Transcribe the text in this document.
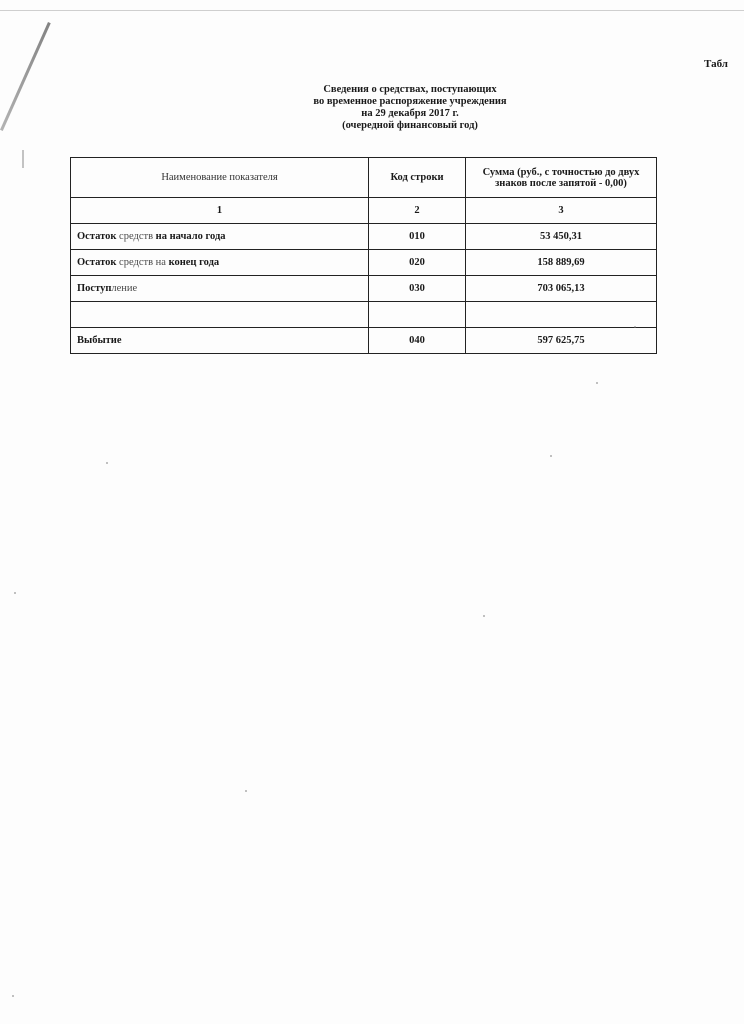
Табл
Сведения о средствах, поступающих
во временное распоряжение учреждения
на 29 декабря 2017 г.
(очередной финансовый год)
Наименование показателя	Код строки	Сумма (руб., с точностью до двух знаков после запятой - 0,00)
1	2	3
Остаток средств на начало года	010	53 450,31
Остаток средств на конец года	020	158 889,69
Поступление	030	703 065,13

Выбытие	040	597 625,75
